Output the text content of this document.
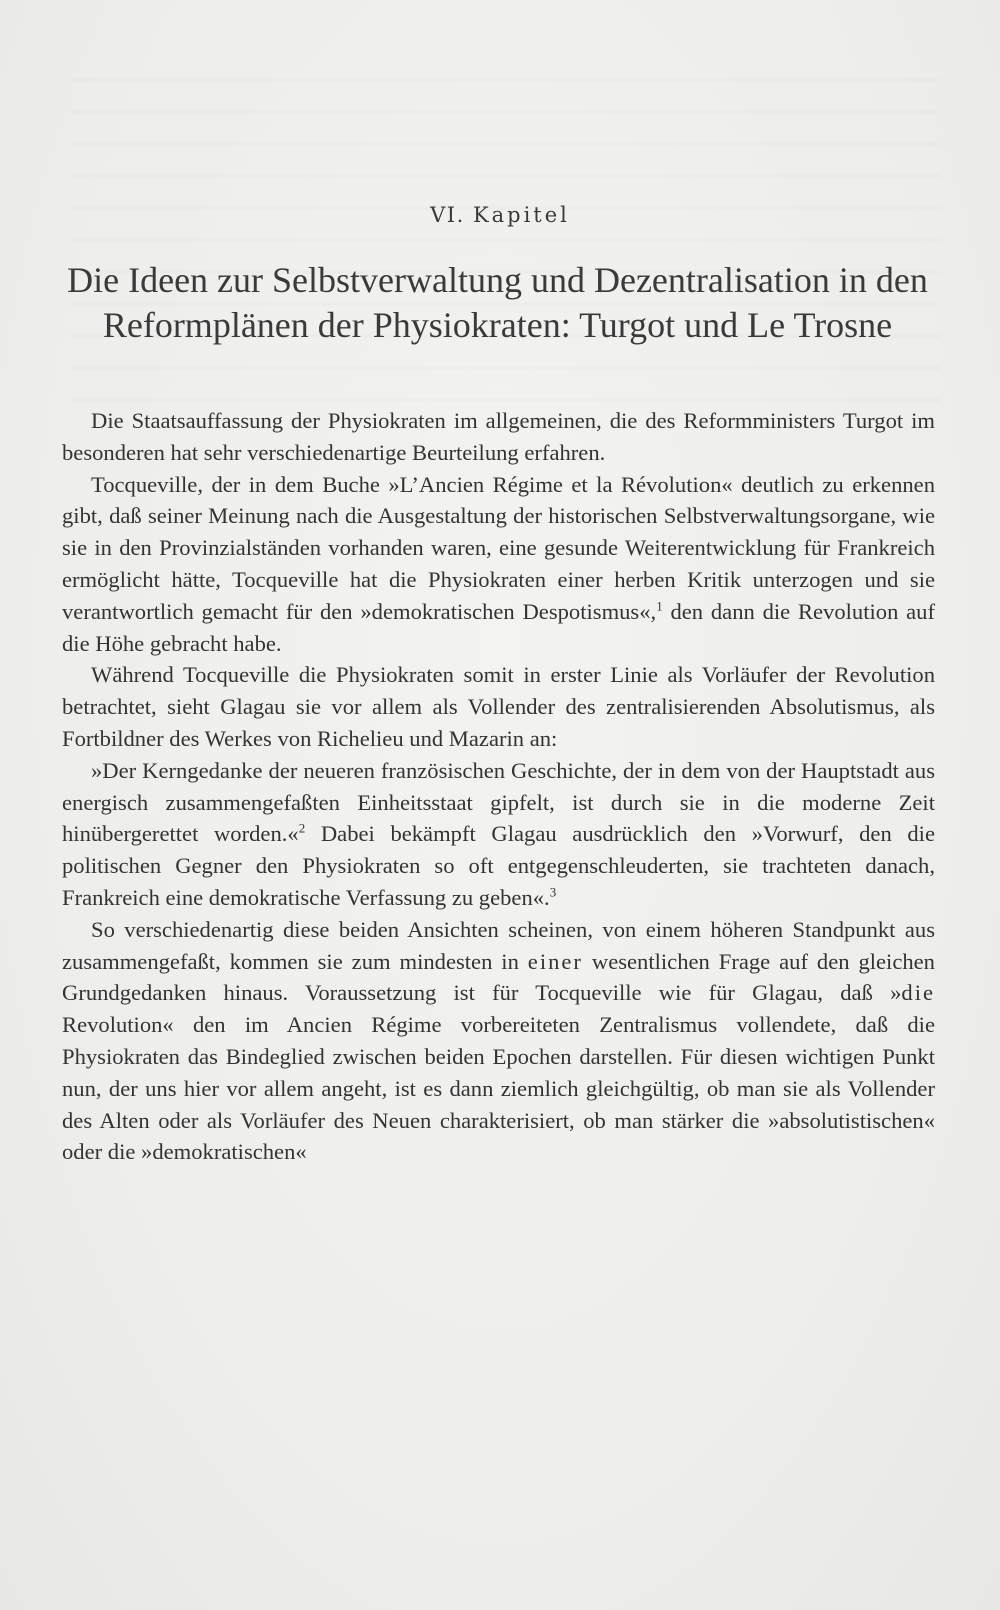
VI. Kapitel
Die Ideen zur Selbstverwaltung und Dezentralisation in den Reformplänen der Physiokraten: Turgot und Le Trosne

Die Staatsauffassung der Physiokraten im allgemeinen, die des Reformministers Turgot im besonderen hat sehr verschiedenartige Beurteilung erfahren.

Tocqueville, der in dem Buche »L’Ancien Régime et la Révolution« deutlich zu erkennen gibt, daß seiner Meinung nach die Ausgestaltung der historischen Selbstverwaltungsorgane, wie sie in den Provinzialständen vorhanden waren, eine gesunde Weiterentwicklung für Frankreich ermöglicht hätte, Tocqueville hat die Physiokraten einer herben Kritik unterzogen und sie verantwortlich gemacht für den »demokratischen Despotismus«,$^1$ den dann die Revolution auf die Höhe gebracht habe.

Während Tocqueville die Physiokraten somit in erster Linie als Vorläufer der Revolution betrachtet, sieht Glagau sie vor allem als Vollender des zentralisierenden Absolutismus, als Fortbildner des Werkes von Richelieu und Mazarin an:

»Der Kerngedanke der neueren französischen Geschichte, der in dem von der Hauptstadt aus energisch zusammengefaßten Einheitsstaat gipfelt, ist durch sie in die moderne Zeit hinübergerettet worden.«$^2$ Dabei bekämpft Glagau ausdrücklich den »Vorwurf, den die politischen Gegner den Physiokraten so oft entgegenschleuderten, sie trachteten danach, Frankreich eine demokratische Verfassung zu geben«.$^3$

So verschiedenartig diese beiden Ansichten scheinen, von einem höheren Standpunkt aus zusammengefaßt, kommen sie zum mindesten in einer wesentlichen Frage auf den gleichen Grundgedanken hinaus. Voraussetzung ist für Tocqueville wie für Glagau, daß »die Revolution« den im Ancien Régime vorbereiteten Zentralismus vollendete, daß die Physiokraten das Bindeglied zwischen beiden Epochen darstellen. Für diesen wichtigen Punkt nun, der uns hier vor allem angeht, ist es dann ziemlich gleichgültig, ob man sie als Vollender des Alten oder als Vorläufer des Neuen charakterisiert, ob man stärker die »absolutistischen« oder die »demokratischen«
